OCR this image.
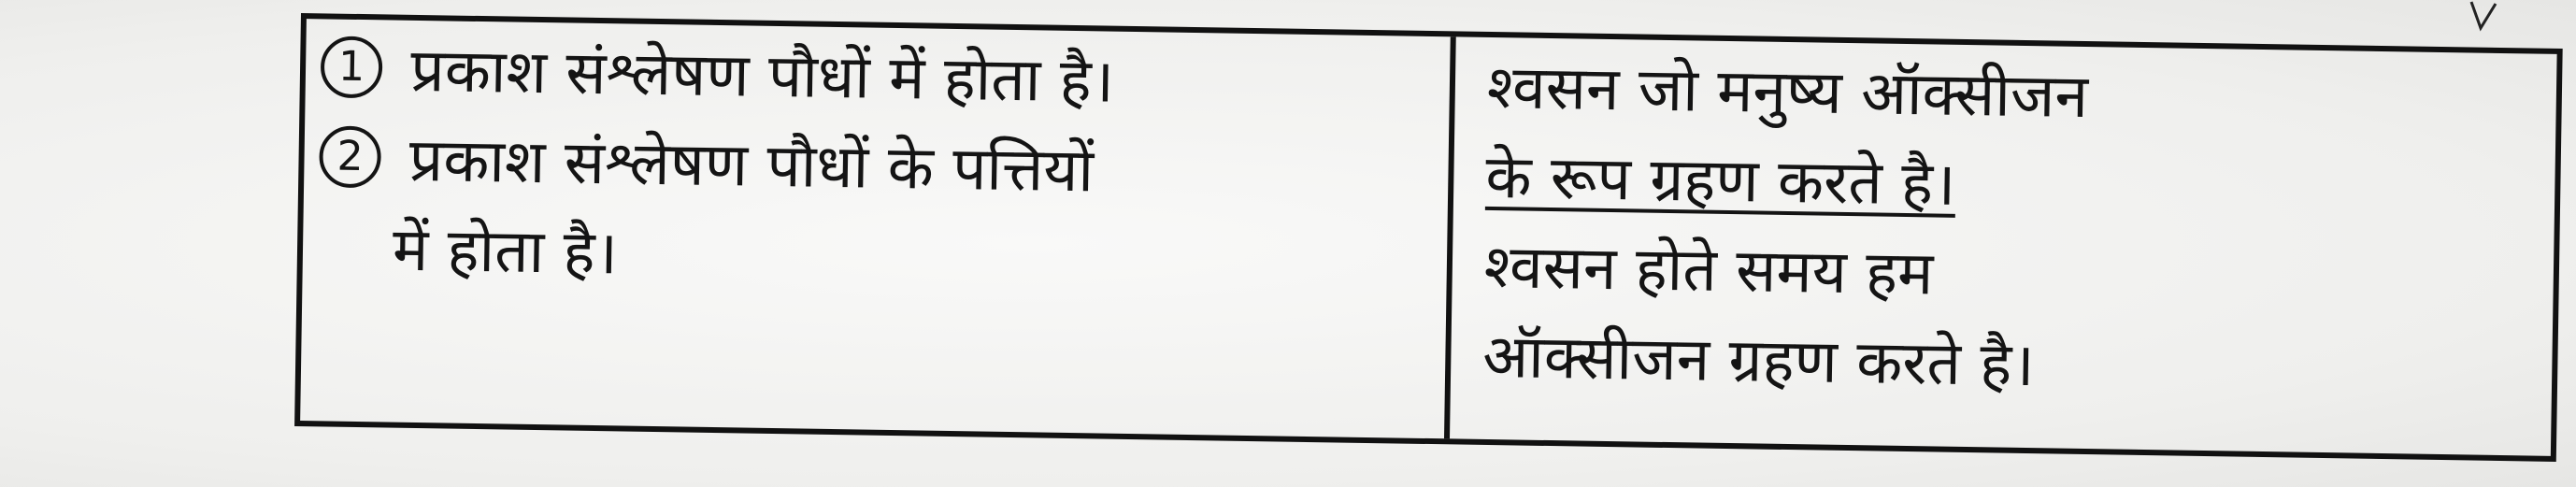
1 प्रकाश संश्लेषण पौधों में होता है।
2 प्रकाश संश्लेषण पौधों के पत्तियों
में होता है।
श्वसन जो मनुष्य ऑक्सीजन
के रूप ग्रहण करते है।
श्वसन होते समय हम
ऑक्सीजन ग्रहण करते है।
